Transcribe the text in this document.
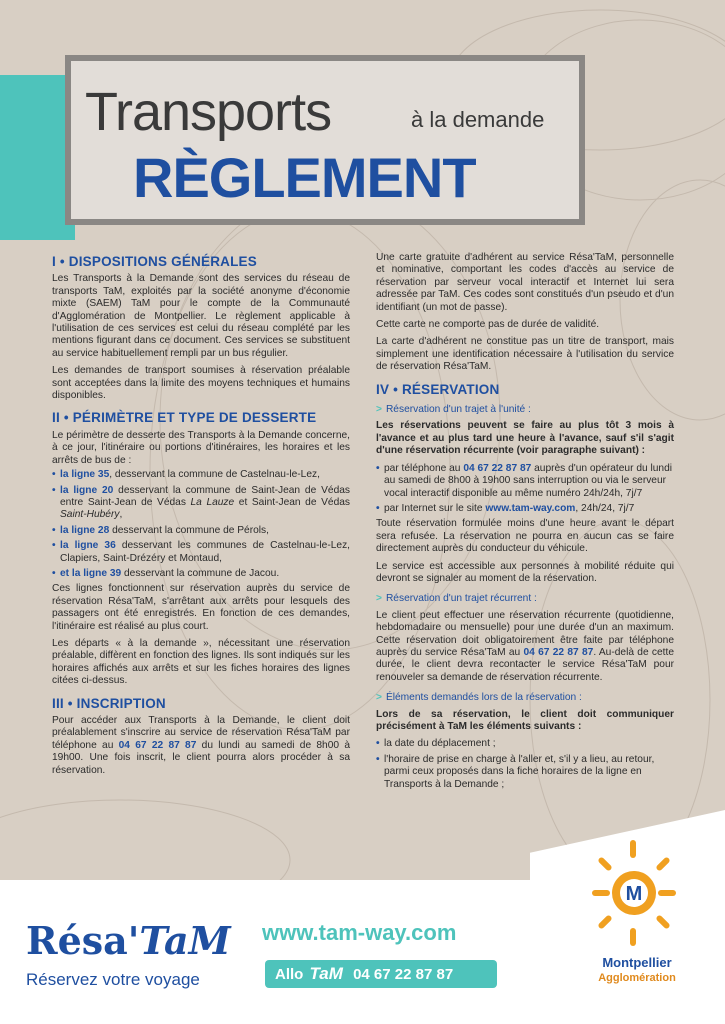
Transports	à la demande
RÈGLEMENT
I • DISPOSITIONS GÉNÉRALES

Les Transports à la Demande sont des services du réseau de transports TaM, exploités par la société anonyme d'économie mixte (SAEM) TaM pour le compte de la Communauté d'Agglomération de Montpellier. Le règlement applicable à l'utilisation de ces services est celui du réseau complété par les mentions figurant dans ce document. Ces services se substituent au service habituellement rempli par un bus régulier.

Les demandes de transport soumises à réservation préalable sont acceptées dans la limite des moyens techniques et humains disponibles.

II • PÉRIMÈTRE ET TYPE DE DESSERTE

Le périmètre de desserte des Transports à la Demande concerne, à ce jour, l'itinéraire ou portions d'itinéraires, les horaires et les arrêts de bus de :

• la ligne 35, desservant la commune de Castelnau-le-Lez,
• la ligne 20 desservant la commune de Saint-Jean de Védas entre Saint-Jean de Védas La Lauze et Saint-Jean de Védas Saint-Hubéry,
• la ligne 28 desservant la commune de Pérols,
• la ligne 36 desservant les communes de Castelnau-le-Lez, Clapiers, Saint-Drézéry et Montaud,
• et la ligne 39 desservant la commune de Jacou.

Ces lignes fonctionnent sur réservation auprès du service de réservation Résa'TaM, s'arrêtant aux arrêts pour lesquels des passagers ont été enregistrés. En fonction de ces demandes, l'itinéraire est réalisé au plus court.

Les départs « à la demande », nécessitant une réservation préalable, diffèrent en fonction des lignes. Ils sont indiqués sur les horaires affichés aux arrêts et sur les fiches horaires des lignes citées ci-dessus.

III • INSCRIPTION

Pour accéder aux Transports à la Demande, le client doit préalablement s'inscrire au service de réservation Résa'TaM par téléphone au 04 67 22 87 87 du lundi au samedi de 8h00 à 19h00. Une fois inscrit, le client pourra alors procéder à sa réservation.

Une carte gratuite d'adhérent au service Résa'TaM, personnelle et nominative, comportant les codes d'accès au service de réservation par serveur vocal interactif et Internet lui sera adressée par TaM. Ces codes sont constitués d'un pseudo et d'un identifiant (un mot de passe).

Cette carte ne comporte pas de durée de validité.

La carte d'adhérent ne constitue pas un titre de transport, mais simplement une identification nécessaire à l'utilisation du service de réservation Résa'TaM.

IV • RÉSERVATION
> Réservation d'un trajet à l'unité :

Les réservations peuvent se faire au plus tôt 3 mois à l'avance et au plus tard une heure à l'avance, sauf s'il s'agit d'une réservation récurrente (voir paragraphe suivant) :

• par téléphone au 04 67 22 87 87 auprès d'un opérateur du lundi au samedi de 8h00 à 19h00 sans interruption ou via le serveur vocal interactif disponible au même numéro 24h/24h, 7j/7
• par Internet sur le site www.tam-way.com, 24h/24, 7j/7

Toute réservation formulée moins d'une heure avant le départ sera refusée. La réservation ne pourra en aucun cas se faire directement auprès du conducteur du véhicule.

Le service est accessible aux personnes à mobilité réduite qui devront se signaler au moment de la réservation.

> Réservation d'un trajet récurrent :

Le client peut effectuer une réservation récurrente (quotidienne, hebdomadaire ou mensuelle) pour une durée d'un an maximum. Cette réservation doit obligatoirement être faite par téléphone auprès du service Résa'TaM au 04 67 22 87 87. Au-delà de cette durée, le client devra recontacter le service Résa'TaM pour renouveler sa demande de réservation récurrente.

> Éléments demandés lors de la réservation :

Lors de sa réservation, le client doit communiquer précisément à TaM les éléments suivants :

• la date du déplacement ;
• l'horaire de prise en charge à l'aller et, s'il y a lieu, au retour, parmi ceux proposés dans la fiche horaires de la ligne en Transports à la Demande ;
Résa'TaM
Réservez votre voyage
www.tam-way.com
Allo TaM 04 67 22 87 87
M
Montpellier
Agglomération
